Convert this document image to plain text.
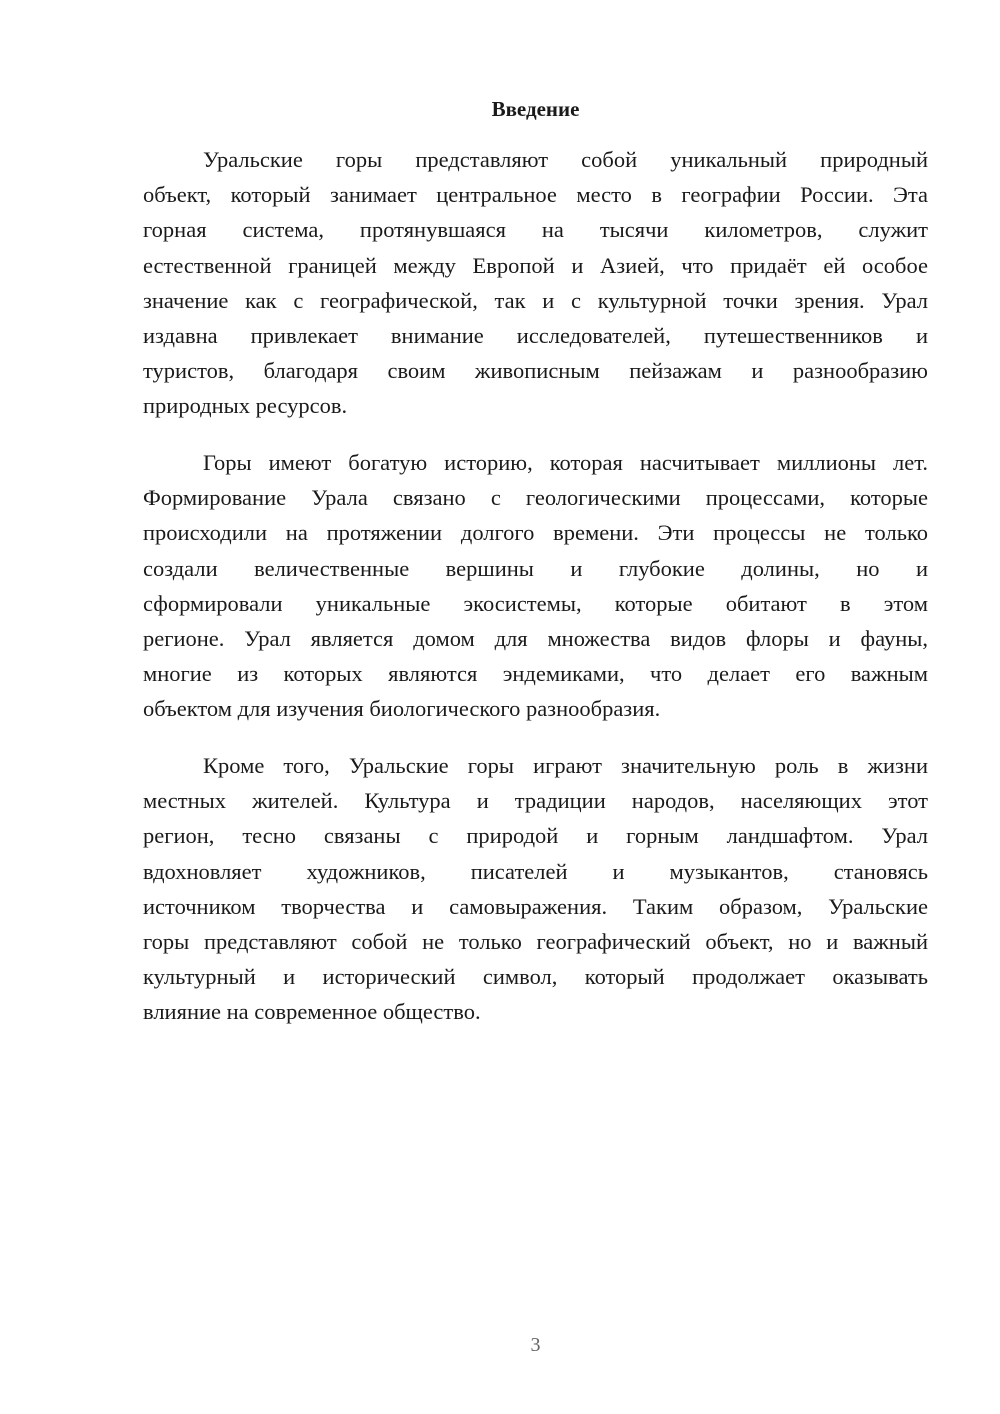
Введение
Уральские горы представляют собой уникальный природный
объект, который занимает центральное место в географии России. Эта
горная система, протянувшаяся на тысячи километров, служит
естественной границей между Европой и Азией, что придаёт ей особое
значение как с географической, так и с культурной точки зрения. Урал
издавна привлекает внимание исследователей, путешественников и
туристов, благодаря своим живописным пейзажам и разнообразию
природных ресурсов.
Горы имеют богатую историю, которая насчитывает миллионы лет.
Формирование Урала связано с геологическими процессами, которые
происходили на протяжении долгого времени. Эти процессы не только
создали величественные вершины и глубокие долины, но и
сформировали уникальные экосистемы, которые обитают в этом
регионе. Урал является домом для множества видов флоры и фауны,
многие из которых являются эндемиками, что делает его важным
объектом для изучения биологического разнообразия.
Кроме того, Уральские горы играют значительную роль в жизни
местных жителей. Культура и традиции народов, населяющих этот
регион, тесно связаны с природой и горным ландшафтом. Урал
вдохновляет художников, писателей и музыкантов, становясь
источником творчества и самовыражения. Таким образом, Уральские
горы представляют собой не только географический объект, но и важный
культурный и исторический символ, который продолжает оказывать
влияние на современное общество.
3
